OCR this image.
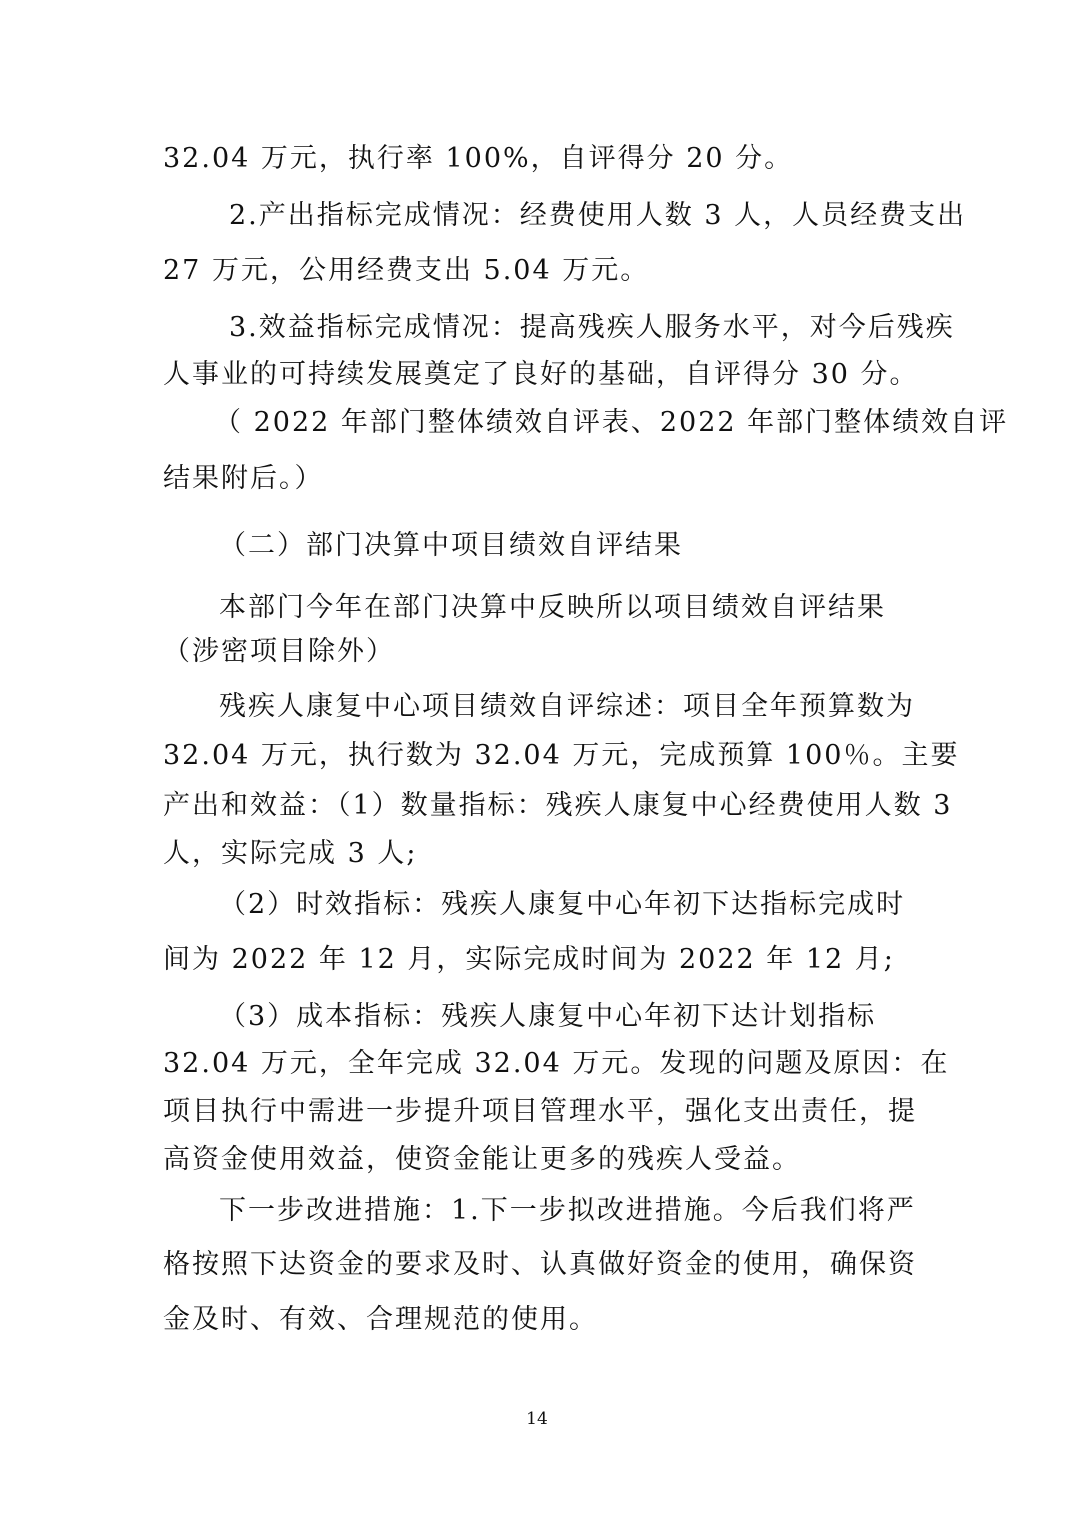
32.04 万元，执行率 100%，自评得分 20 分。
2.产出指标完成情况：经费使用人数 3 人，人员经费支出
27 万元，公用经费支出 5.04 万元。
3.效益指标完成情况：提高残疾人服务水平，对今后残疾
人事业的可持续发展奠定了良好的基础，自评得分 30 分。
（ 2022 年部门整体绩效自评表、2022 年部门整体绩效自评
结果附后。）
（二）部门决算中项目绩效自评结果
本部门今年在部门决算中反映所以项目绩效自评结果
（涉密项目除外）
残疾人康复中心项目绩效自评综述：项目全年预算数为
32.04 万元，执行数为 32.04 万元，完成预算 100％。主要
产出和效益：（1）数量指标：残疾人康复中心经费使用人数 3
人，实际完成 3 人;
（2）时效指标：残疾人康复中心年初下达指标完成时
间为 2022 年 12 月，实际完成时间为 2022 年 12 月;
（3）成本指标：残疾人康复中心年初下达计划指标
32.04 万元，全年完成 32.04 万元。发现的问题及原因：在
项目执行中需进一步提升项目管理水平，强化支出责任，提
高资金使用效益，使资金能让更多的残疾人受益。
下一步改进措施：1.下一步拟改进措施。今后我们将严
格按照下达资金的要求及时、认真做好资金的使用，确保资
金及时、有效、合理规范的使用。
14
